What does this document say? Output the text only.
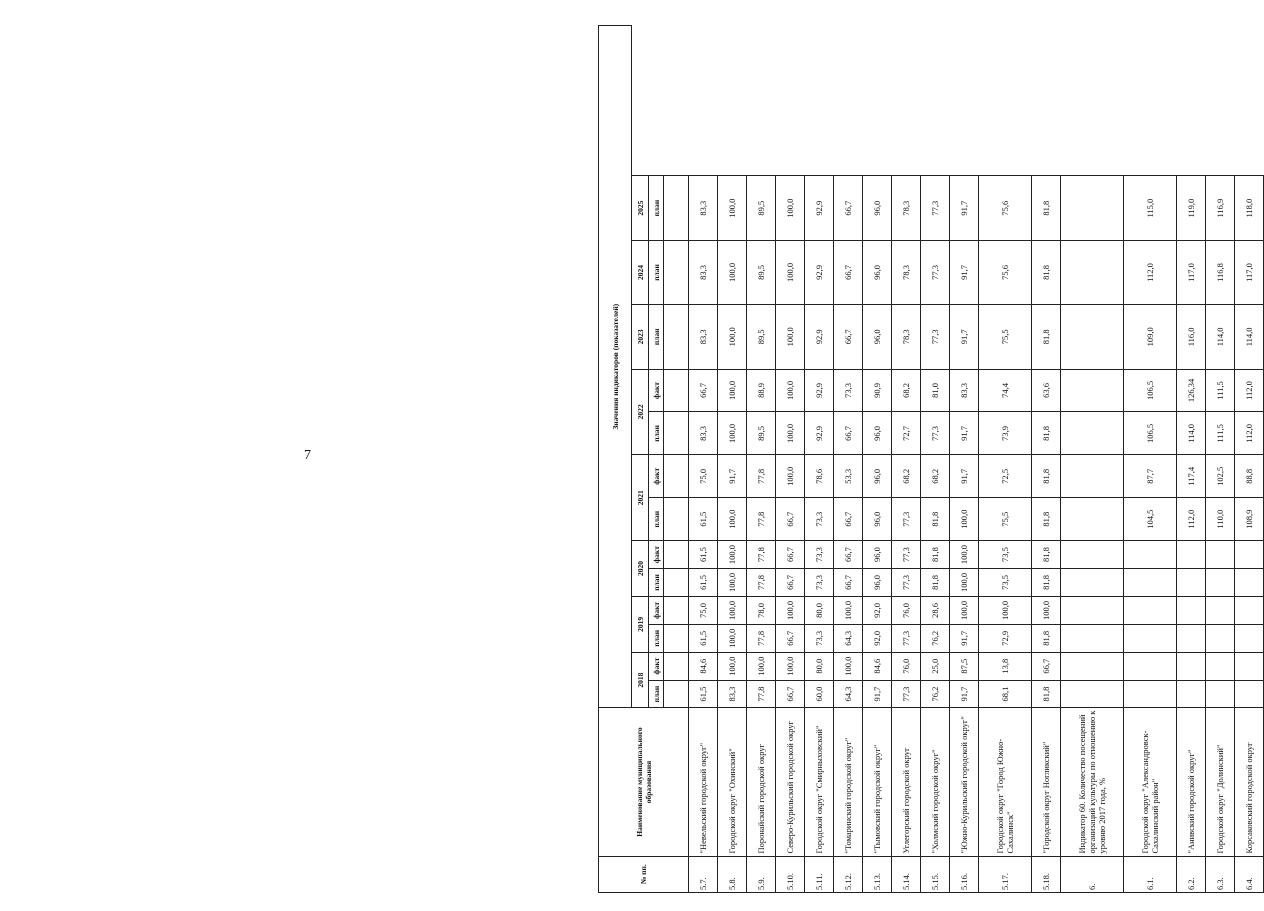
7
№ пп.	Наименование муниципального образования	Значения индикаторов (показателей)												
		2018		2019		2020		2021		2022		2023	2024	2025
		план	факт	план	факт	план	факт	план	факт	план	факт	план	план	план

5.7.	"Невельский городской округ"	61,5	84,6	61,5	75,0	61,5	61,5	61,5	75,0	83,3	66,7	83,3	83,3	83,3
5.8.	Городской округ "Охинский"	83,3	100,0	100,0	100,0	100,0	100,0	100,0	91,7	100,0	100,0	100,0	100,0	100,0
5.9.	Поронайский городской округ	77,8	100,0	77,8	78,0	77,8	77,8	77,8	77,8	89,5	88,9	89,5	89,5	89,5
5.10.	Северо-Курильский городской округ	66,7	100,0	66,7	100,0	66,7	66,7	66,7	100,0	100,0	100,0	100,0	100,0	100,0
5.11.	Городской округ "Смирныховский"	60,0	80,0	73,3	80,0	73,3	73,3	73,3	78,6	92,9	92,9	92,9	92,9	92,9
5.12.	"Томаринский городской округ"	64,3	100,0	64,3	100,0	66,7	66,7	66,7	53,3	66,7	73,3	66,7	66,7	66,7
5.13.	"Тымовский городской округ"	91,7	84,6	92,0	92,0	96,0	96,0	96,0	96,0	96,0	90,9	96,0	96,0	96,0
5.14.	Углегорский городской округ	77,3	76,0	77,3	76,0	77,3	77,3	77,3	68,2	72,7	68,2	78,3	78,3	78,3
5.15.	"Холмский городской округ"	76,2	25,0	76,2	28,6	81,8	81,8	81,8	68,2	77,3	81,0	77,3	77,3	77,3
5.16.	"Южно-Курильский городской округ"	91,7	87,5	91,7	100,0	100,0	100,0	100,0	91,7	91,7	83,3	91,7	91,7	91,7
5.17.	Городской округ "Город Южно-Сахалинск"	68,1	13,8	72,9	100,0	73,5	73,5	75,5	72,5	73,9	74,4	75,5	75,6	75,6
5.18.	"Городской округ Ногликский"	81,8	66,7	81,8	100,0	81,8	81,8	81,8	81,8	81,8	63,6	81,8	81,8	81,8
6.	Индикатор 60. Количество посещений организаций культуры по отношению к уровню 2017 года, %													
6.1.	Городской округ "Александровск-Сахалинский район"							104,5	87,7	106,5	106,5	109,0	112,0	115,0
6.2.	"Анивский городской округ"							112,0	117,4	114,0	126,34	116,0	117,0	119,0
6.3.	Городской округ "Долинский"							110,0	102,5	111,5	111,5	114,0	116,8	116,9
6.4.	Корсаковский городской округ							108,9	88,8	112,0	112,0	114,0	117,0	118,0
